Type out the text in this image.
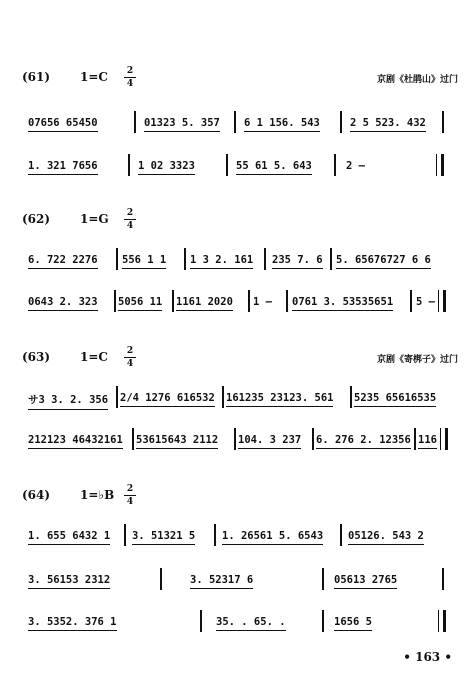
(61) 1=C	2
4	京剧《杜鹃山》过门
07656 65450	01323 5. 357 6 1 156. 543	2 5 523. 432
1. 321 7656	1 02 3323	55 61 5. 643	2 –
(62) 1=G	2
4
6. 722 2276 556 1 1 1 3 2. 161 235 7. 6 5. 65676727 6 6
0643 2. 323 5056 11 1161 2020 1 – 0761 3. 53535651 5 –
(63) 1=C	2
4	京剧《寄梆子》过门
サ3 3. 2. 356 2/4 1276 616532 161235 23123. 561 5235 65616535
212123 46432161 53615643 2112 104. 3 237 6. 276 2. 12356 116
(64) 1=♭B	2
4
1. 655 6432 1 3. 51321 5	1. 26561 5. 6543 05126. 543 2
3. 56153 2312	3. 52317 6	05613 2765
3. 5352. 376 1	35. . 65. .	1656 5
• 163 •
